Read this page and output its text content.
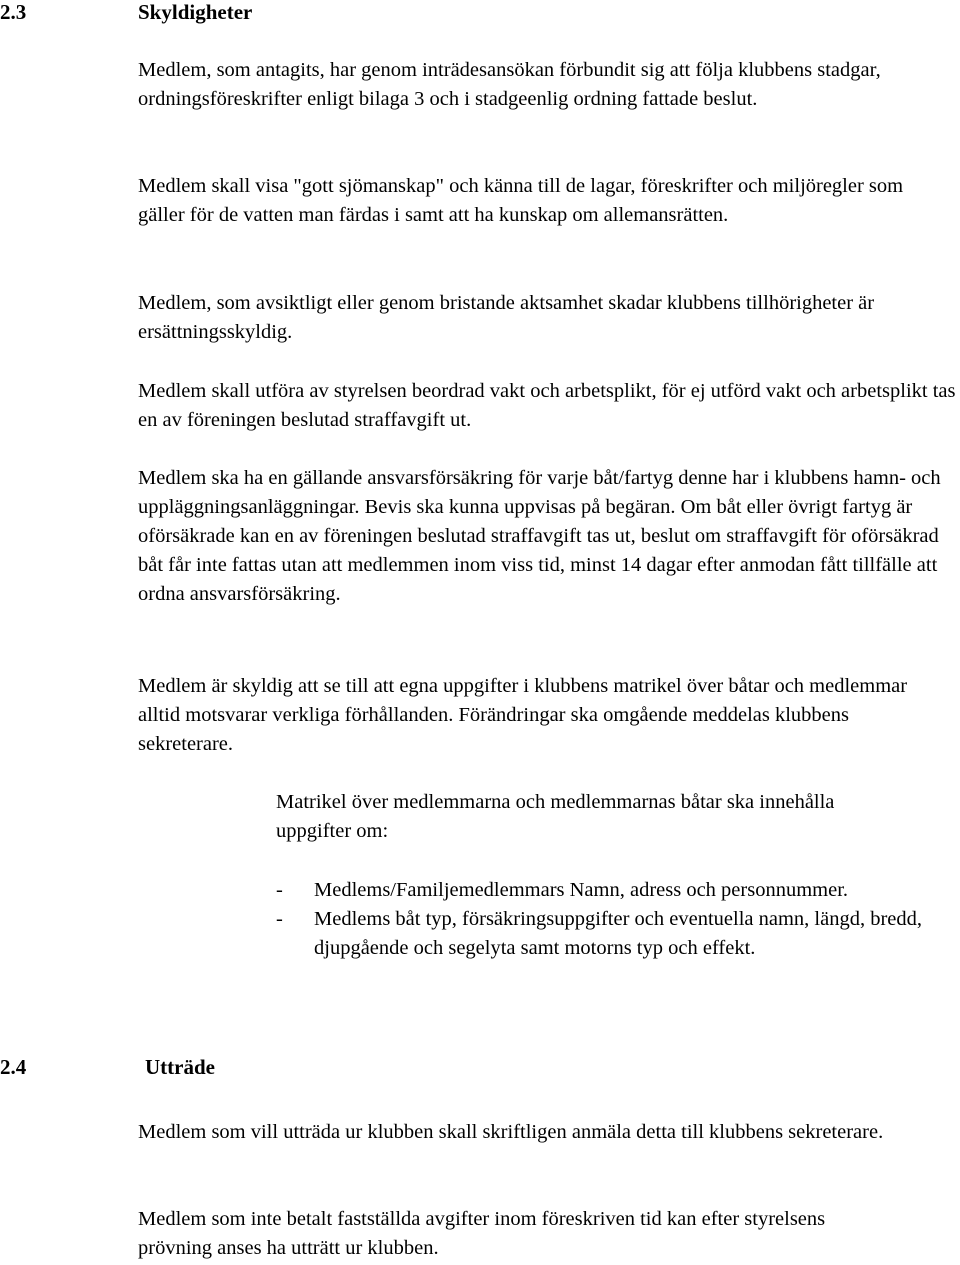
2.3	Skyldigheter

Medlem, som antagits, har genom inträdesansökan förbundit sig att följa klubbens stadgar, ordningsföreskrifter enligt bilaga 3 och i stadgeenlig ordning fattade beslut.

Medlem skall visa "gott sjömanskap" och känna till de lagar, föreskrifter och miljöregler som gäller för de vatten man färdas i samt att ha kunskap om allemansrätten.

Medlem, som avsiktligt eller genom bristande aktsamhet skadar klubbens tillhörigheter är ersättningsskyldig.

Medlem skall utföra av styrelsen beordrad vakt och arbetsplikt, för ej utförd vakt och arbetsplikt tas en av föreningen beslutad straffavgift ut.

Medlem ska ha en gällande ansvarsförsäkring för varje båt/fartyg denne har i klubbens hamn- och uppläggningsanläggningar. Bevis ska kunna uppvisas på begäran. Om båt eller övrigt fartyg är oförsäkrade kan en av föreningen beslutad straffavgift tas ut, beslut om straffavgift för oförsäkrad båt får inte fattas utan att medlemmen inom viss tid, minst 14 dagar efter anmodan fått tillfälle att ordna ansvarsförsäkring.

Medlem är skyldig att se till att egna uppgifter i klubbens matrikel över båtar och medlemmar alltid motsvarar verkliga förhållanden. Förändringar ska omgående meddelas klubbens sekreterare.

Matrikel över medlemmarna och medlemmarnas båtar ska innehålla uppgifter om:

- Medlems/Familjemedlemmars Namn, adress och personnummer.
- Medlems båt typ, försäkringsuppgifter och eventuella namn, längd, bredd, djupgående och segelyta samt motorns typ och effekt.
2.4	Utträde

Medlem som vill utträda ur klubben skall skriftligen anmäla detta till klubbens sekreterare.

Medlem som inte betalt fastställda avgifter inom föreskriven tid kan efter styrelsens prövning anses ha utträtt ur klubben.
